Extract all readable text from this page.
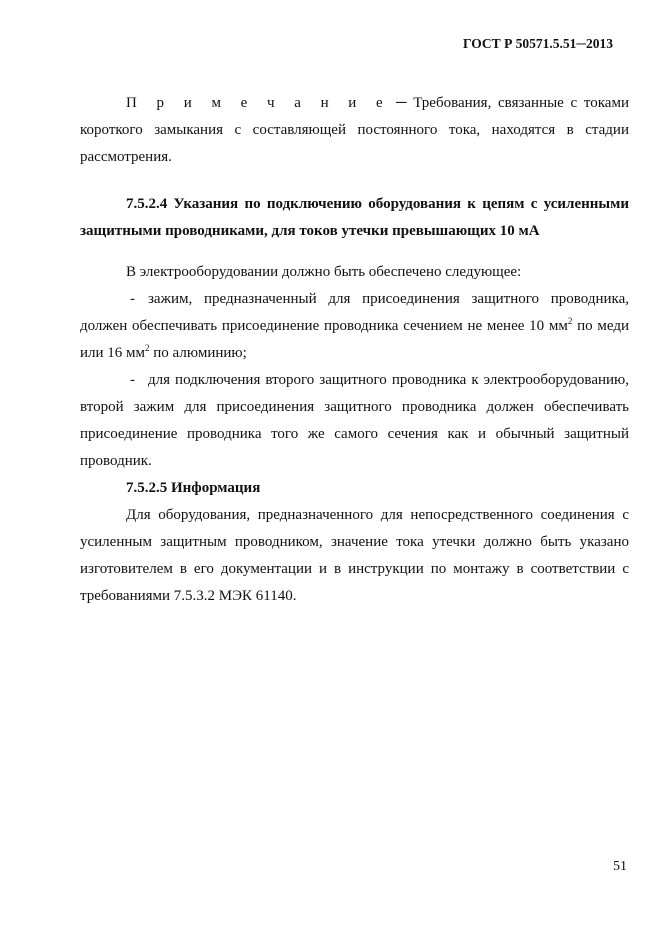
ГОСТ Р 50571.5.51─2013

П р и м е ч а н и е ─ Требования, связанные с токами короткого замыкания с составляющей постоянного тока, находятся в стадии рассмотрения.

7.5.2.4 Указания по подключению оборудования к цепям с усиленными защитными проводниками, для токов утечки превышающих 10 мА

В электрооборудовании должно быть обеспечено следующее:

- зажим, предназначенный для присоединения защитного проводника, должен обеспечивать присоединение проводника сечением не менее 10 $мм^2$ по меди или 16 $мм^2$ по алюминию;

- для подключения второго защитного проводника к электрооборудованию, второй зажим для присоединения защитного проводника должен обеспечивать присоединение проводника того же самого сечения как и обычный защитный проводник.

7.5.2.5 Информация

Для оборудования, предназначенного для непосредственного соединения с усиленным защитным проводником, значение тока утечки должно быть указано изготовителем в его документации и в инструкции по монтажу в соответствии с требованиями 7.5.3.2 МЭК 61140.

51
